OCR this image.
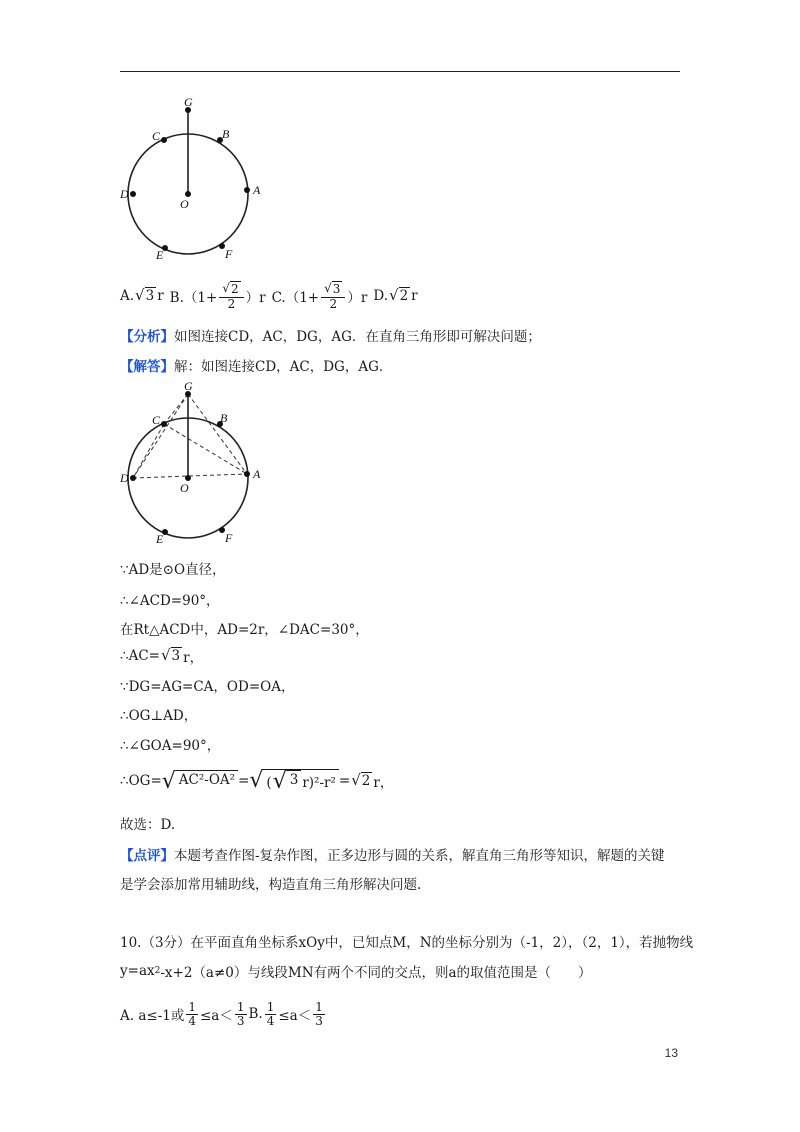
G
C	B
D	A
O
E	F
A. √ 3 r $B.(1+ \frac{√ 2}{2} )r$ $C.(1+ \frac{√ 3}{2} )r$ D. √ 2 r
【 分析 】 如图连接CD，AC，DG，AG．在直角三角形即可解决问题；
【 解答 】 解：如图连接CD，AC，DG，AG．
G
C	B
D	A
O
E	F
∵AD是⊙O直径，
∴∠ACD=90°，
在Rt△ACD中，AD=2r，∠DAC=30°，
∴AC= √ 3 r，
∵DG=AG=CA，OD=OA，
∴OG⊥AD，
∴∠GOA=90°，
∴OG= √ AC²-OA² = √ ( √ 3 r)²-r² = √ 2 r，
故选：D.
【 点评 】 本题考查作图-复杂作图，正多边形与圆的关系，解直角三角形等知识，解题的关键
是学会添加常用辅助线，构造直角三角形解决问题.
10.（3分）在平面直角坐标系xOy中，已知点M，N的坐标分别为（-1，2），（2，1），若抛物线
y=ax 2 -x+2（a≠0）与线段MN有两个不同的交点，则a的取值范围是（　　）
A. a≤-1或 $\frac{1}{4} \le a< \frac{1}{3} B$. $\frac{1}{4} \le a< \frac{1}{3}$
13
